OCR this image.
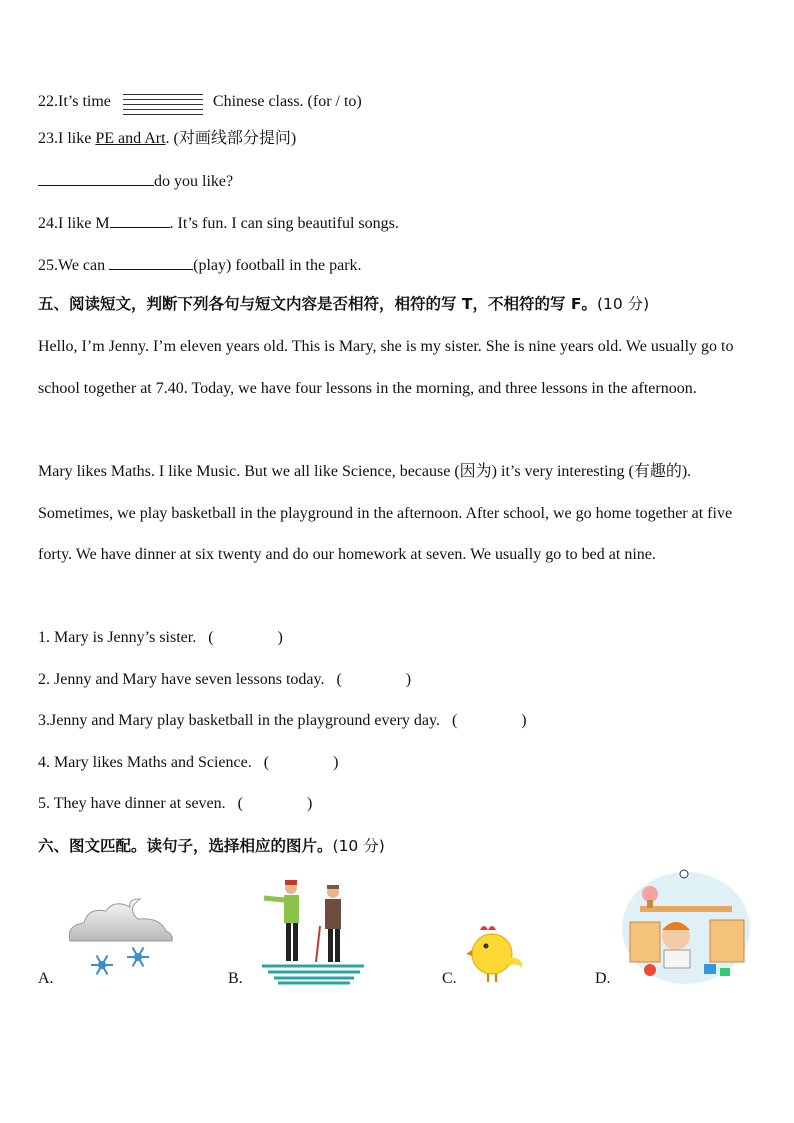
22.It’s time	Chinese class. (for / to)
23.I like PE and Art. (对画线部分提问)
do you like?
24.I like M	. It’s fun. I can sing beautiful songs.
25.We can	(play) football in the park.
五、阅读短文，判断下列各句与短文内容是否相符，相符的写 T，不相符的写 F。(10 分)
Hello, I’m Jenny. I’m eleven years old. This is Mary, she is my sister. She is nine years old. We usually go to school together at 7.40. Today, we have four lessons in the morning, and three lessons in the afternoon.
Mary likes Maths. I like Music. But we all like Science, because (因为) it’s very interesting (有趣的). Sometimes, we play basketball in the playground in the afternoon. After school, we go home together at five forty. We have dinner at six twenty and do our homework at seven. We usually go to bed at nine.
1. Mary is Jenny’s sister. (                )
2. Jenny and Mary have seven lessons today. (                )
3.Jenny and Mary play basketball in the playground every day. (                )
4. Mary likes Maths and Science. (                )
5. They have dinner at seven. (                )
六、图文匹配。读句子，选择相应的图片。(10 分)
A.	B.	C.	D.
